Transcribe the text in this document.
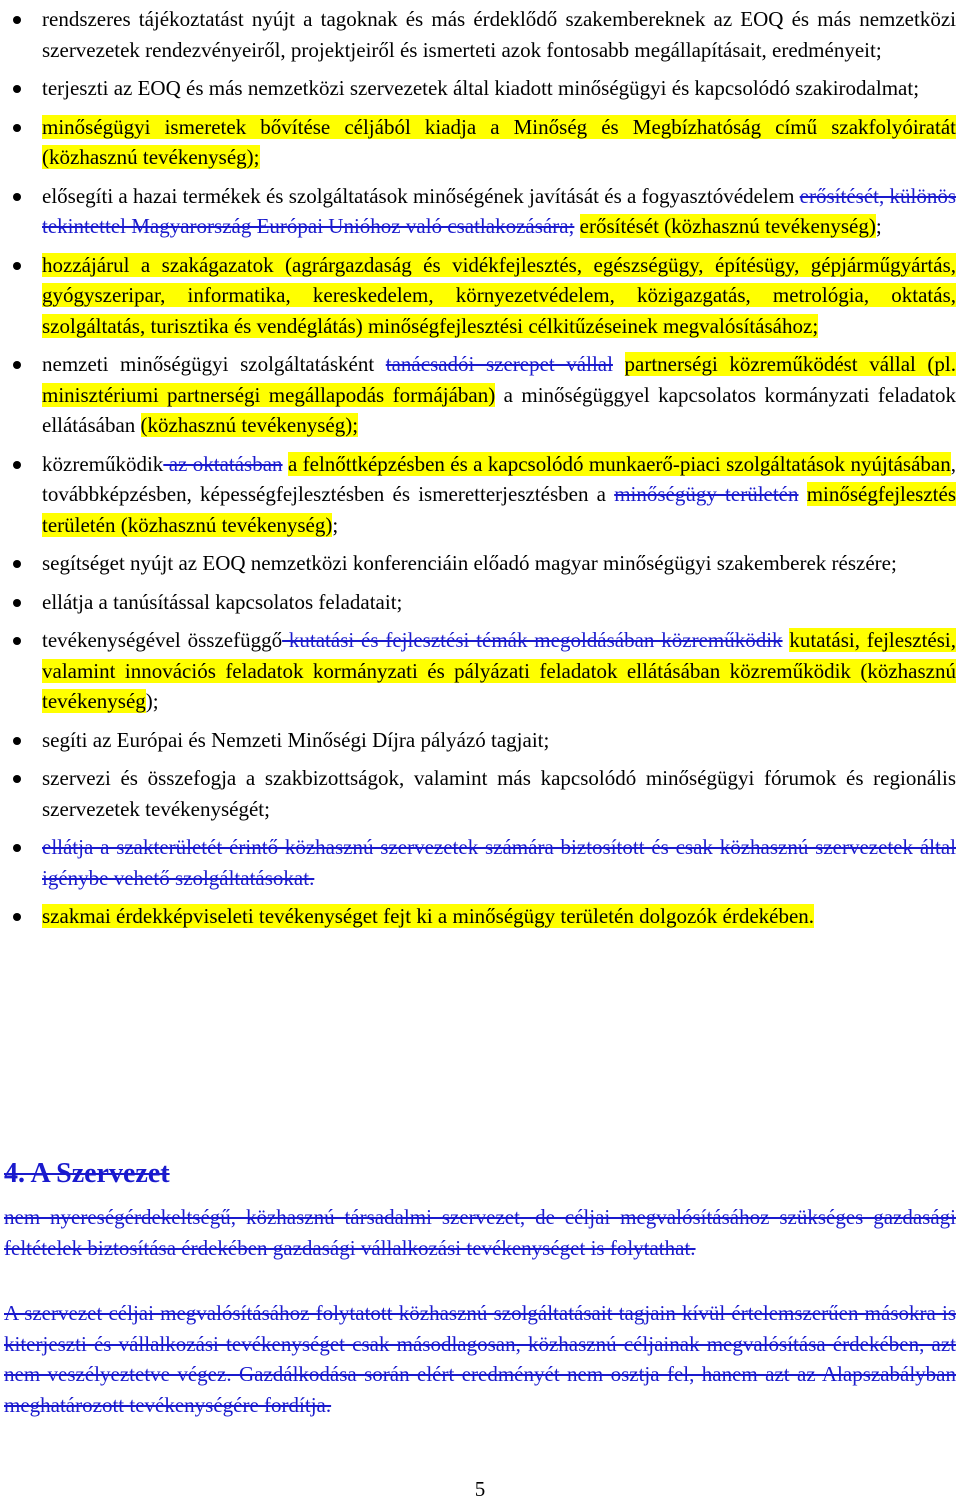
rendszeres tájékoztatást nyújt a tagoknak és más érdeklődő szakembereknek az EOQ és más nemzetközi szervezetek rendezvényeiről, projektjeiről és ismerteti azok fontosabb megállapításait, eredményeit;
terjeszti az EOQ és más nemzetközi szervezetek által kiadott minőségügyi és kapcsolódó szakirodalmat;
minőségügyi ismeretek bővítése céljából kiadja a Minőség és Megbízhatóság című szakfolyóiratát (közhasznú tevékenység);
elősegíti a hazai termékek és szolgáltatások minőségének javítását és a fogyasztóvédelem erősítését, különös tekintettel Magyarország Európai Unióhoz való csatlakozására; erősítését (közhasznú tevékenység);
hozzájárul a szakágazatok (agrárgazdaság és vidékfejlesztés, egészségügy, építésügy, gépjárműgyártás, gyógyszeripar, informatika, kereskedelem, környezetvédelem, közigazgatás, metrológia, oktatás, szolgáltatás, turisztika és vendéglátás) minőségfejlesztési célkitűzéseinek megvalósításához;
nemzeti minőségügyi szolgáltatásként tanácsadói szerepet vállal partnerségi közreműködést vállal (pl. minisztériumi partnerségi megállapodás formájában) a minőségüggyel kapcsolatos kormányzati feladatok ellátásában (közhasznú tevékenység);
közreműködik az oktatásban a felnőttképzésben és a kapcsolódó munkaerő-piaci szolgáltatások nyújtásában, továbbképzésben, képességfejlesztésben és ismeretterjesztésben a minőségügy területén minőségfejlesztés területén (közhasznú tevékenység);
segítséget nyújt az EOQ nemzetközi konferenciáin előadó magyar minőségügyi szakemberek részére;
ellátja a tanúsítással kapcsolatos feladatait;
tevékenységével összefüggő kutatási és fejlesztési témák megoldásában közreműködik kutatási, fejlesztési, valamint innovációs feladatok kormányzati és pályázati feladatok ellátásában közreműködik (közhasznú tevékenység);
segíti az Európai és Nemzeti Minőségi Díjra pályázó tagjait;
szervezi és összefogja a szakbizottságok, valamint más kapcsolódó minőségügyi fórumok és regionális szervezetek tevékenységét;
ellátja a szakterületét érintő közhasznú szervezetek számára biztosított és csak közhasznú szervezetek által igénybe vehető szolgáltatásokat.
szakmai érdekképviseleti tevékenységet fejt ki a minőségügy területén dolgozók érdekében.
4. A Szervezet

nem nyereségérdekeltségű, közhasznú társadalmi szervezet, de céljai megvalósításához szükséges gazdasági feltételek biztosítása érdekében gazdasági vállalkozási tevékenységet is folytathat.

A szervezet céljai megvalósításához folytatott közhasznú szolgáltatásait tagjain kívül értelemszerűen másokra is kiterjeszti és vállalkozási tevékenységet csak másodlagosan, közhasznú céljainak megvalósítása érdekében, azt nem veszélyeztetve végez. Gazdálkodása során elért eredményét nem osztja fel, hanem azt az Alapszabályban meghatározott tevékenységére fordítja.

5
